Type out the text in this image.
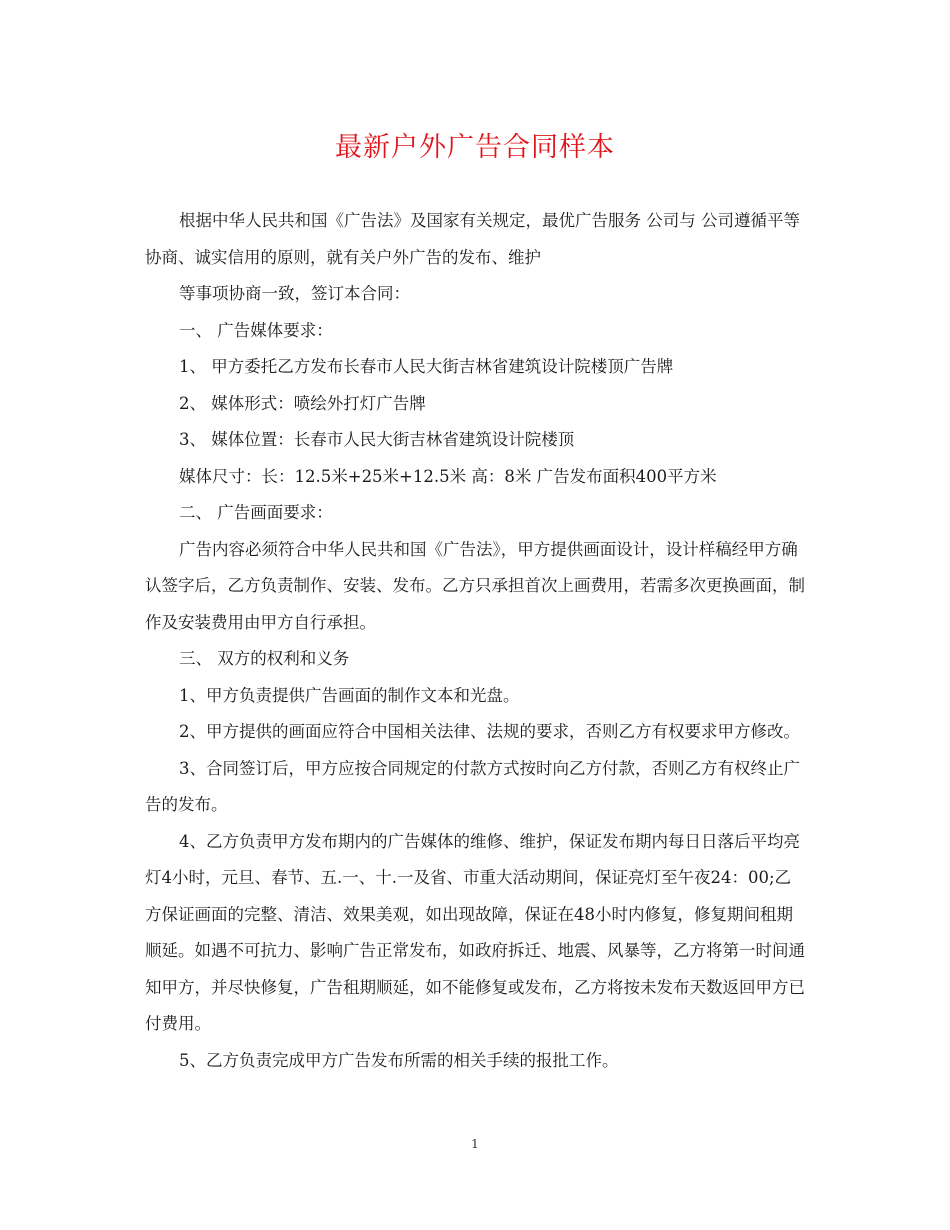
最新户外广告合同样本

根据中华人民共和国《广告法》及国家有关规定，最优广告服务 公司与 公司遵循平等协商、诚实信用的原则，就有关户外广告的发布、维护

等事项协商一致，签订本合同：

一、 广告媒体要求：

1、 甲方委托乙方发布长春市人民大街吉林省建筑设计院楼顶广告牌

2、 媒体形式：喷绘外打灯广告牌

3、 媒体位置：长春市人民大街吉林省建筑设计院楼顶

媒体尺寸：长：12.5米+25米+12.5米 高：8米 广告发布面积400平方米

二、 广告画面要求：

广告内容必须符合中华人民共和国《广告法》，甲方提供画面设计，设计样稿经甲方确认签字后，乙方负责制作、安装、发布。乙方只承担首次上画费用，若需多次更换画面，制作及安装费用由甲方自行承担。

三、 双方的权利和义务

1、甲方负责提供广告画面的制作文本和光盘。

2、甲方提供的画面应符合中国相关法律、法规的要求，否则乙方有权要求甲方修改。

3、合同签订后，甲方应按合同规定的付款方式按时向乙方付款，否则乙方有权终止广告的发布。

4、乙方负责甲方发布期内的广告媒体的维修、维护，保证发布期内每日日落后平均亮灯4小时，元旦、春节、五.一、十.一及省、市重大活动期间，保证亮灯至午夜24：00;乙方保证画面的完整、清洁、效果美观，如出现故障，保证在48小时内修复，修复期间租期顺延。如遇不可抗力、影响广告正常发布，如政府拆迁、地震、风暴等，乙方将第一时间通知甲方，并尽快修复，广告租期顺延，如不能修复或发布，乙方将按未发布天数返回甲方已付费用。

5、乙方负责完成甲方广告发布所需的相关手续的报批工作。

1
